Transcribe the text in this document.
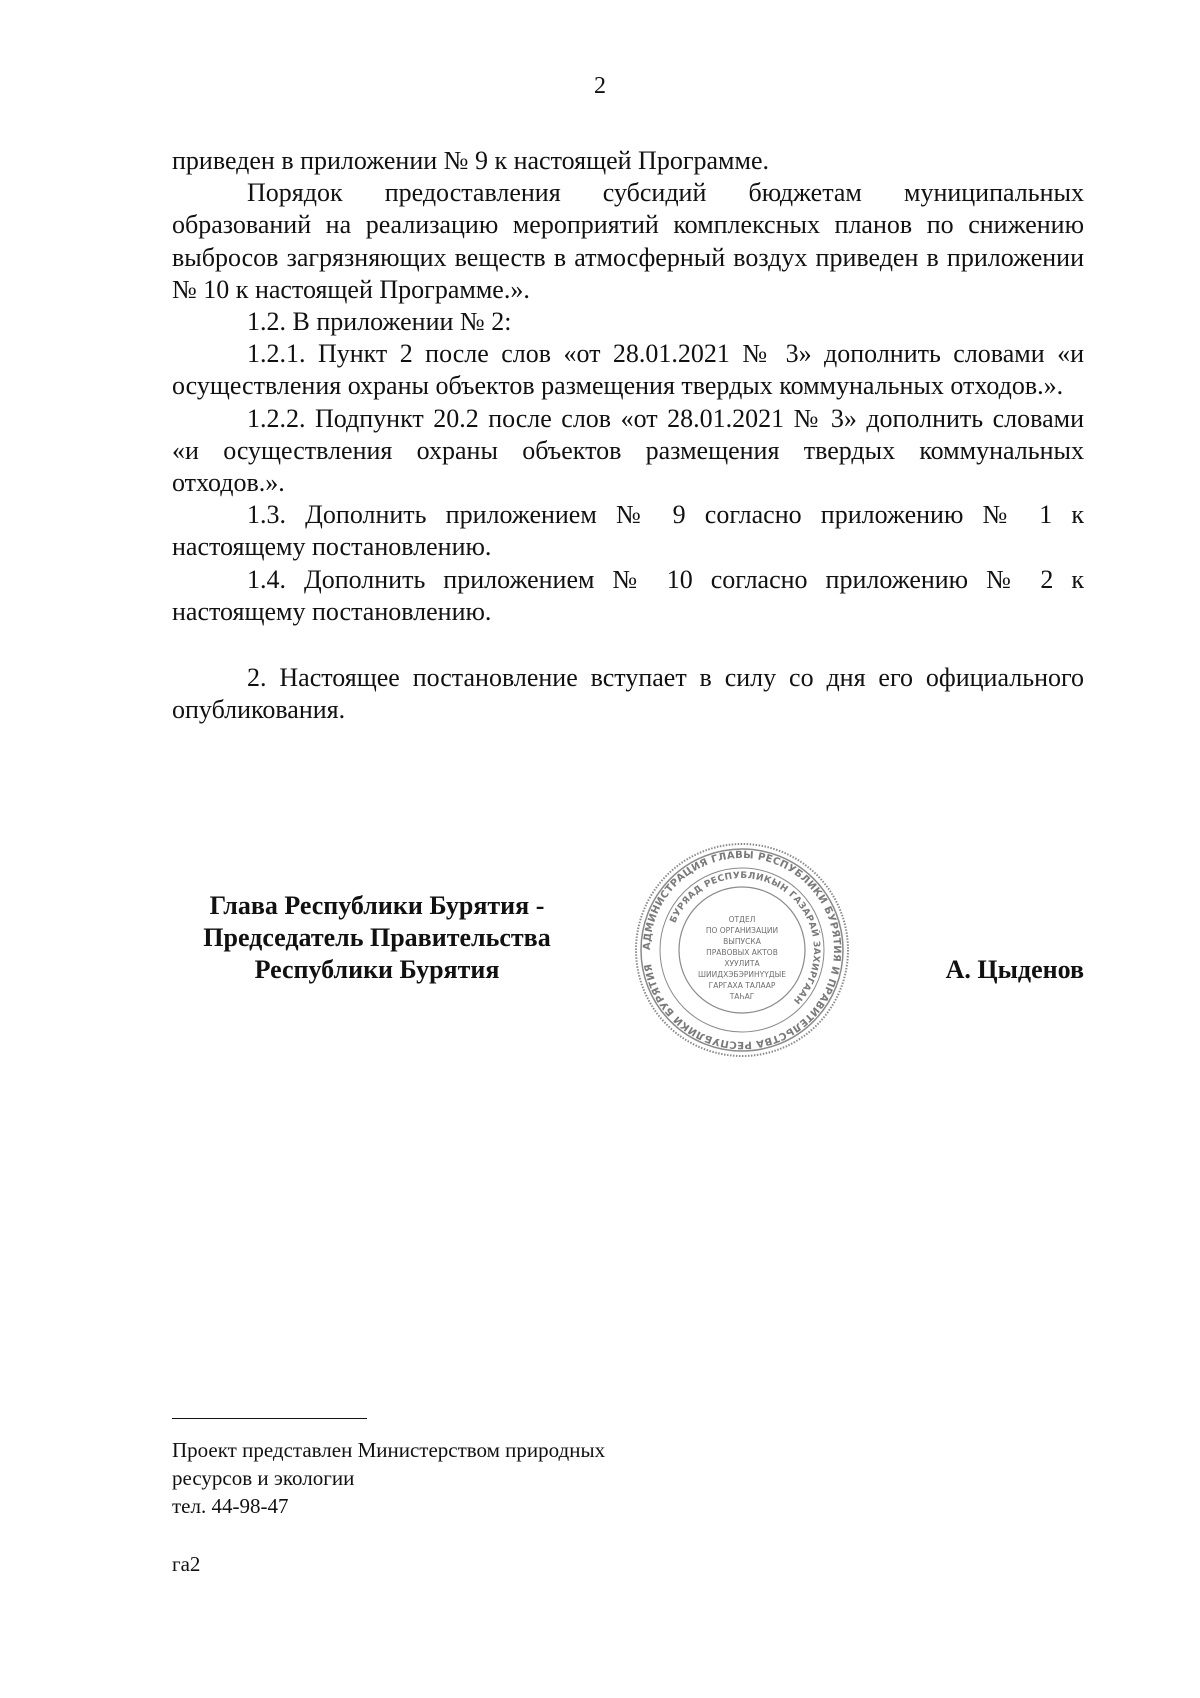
2

приведен в приложении № 9 к настоящей Программе.

Порядок предоставления субсидий бюджетам муниципальных образований на реализацию мероприятий комплексных планов по снижению выбросов загрязняющих веществ в атмосферный воздух приведен в приложении № 10 к настоящей Программе.».

1.2. В приложении № 2:

1.2.1. Пункт 2 после слов «от 28.01.2021 № 3» дополнить словами «и осуществления охраны объектов размещения твердых коммунальных отходов.».

1.2.2. Подпункт 20.2 после слов «от 28.01.2021 № 3» дополнить словами «и осуществления охраны объектов размещения твердых коммунальных отходов.».

1.3. Дополнить приложением № 9 согласно приложению № 1 к настоящему постановлению.

1.4. Дополнить приложением № 10 согласно приложению № 2 к настоящему постановлению.

2. Настоящее постановление вступает в силу со дня его официального опубликования.

Глава Республики Бурятия -
Председатель Правительства
Республики Бурятия
АДМИНИСТРАЦИЯ ГЛАВЫ РЕСПУБЛИКИ БУРЯТИЯ И ПРАВИТЕЛЬСТВА РЕСПУБЛИКИ БУРЯТИЯ
БУРЯАД РЕСПУБЛИКЫН ГАЗАРАЙ ЗАХИРГААН
ОТДЕЛ
ПО ОРГАНИЗАЦИИ
ВЫПУСКА
ПРАВОВЫХ АКТОВ
ХУУЛИТА
ШИИДХЭБЭРИНҮҮДЫЕ
ГАРГАХА ТАЛААР
ТАҺАГ
А. Цыденов
Проект представлен Министерством природных
ресурсов и экологии
тел. 44-98-47
га2
